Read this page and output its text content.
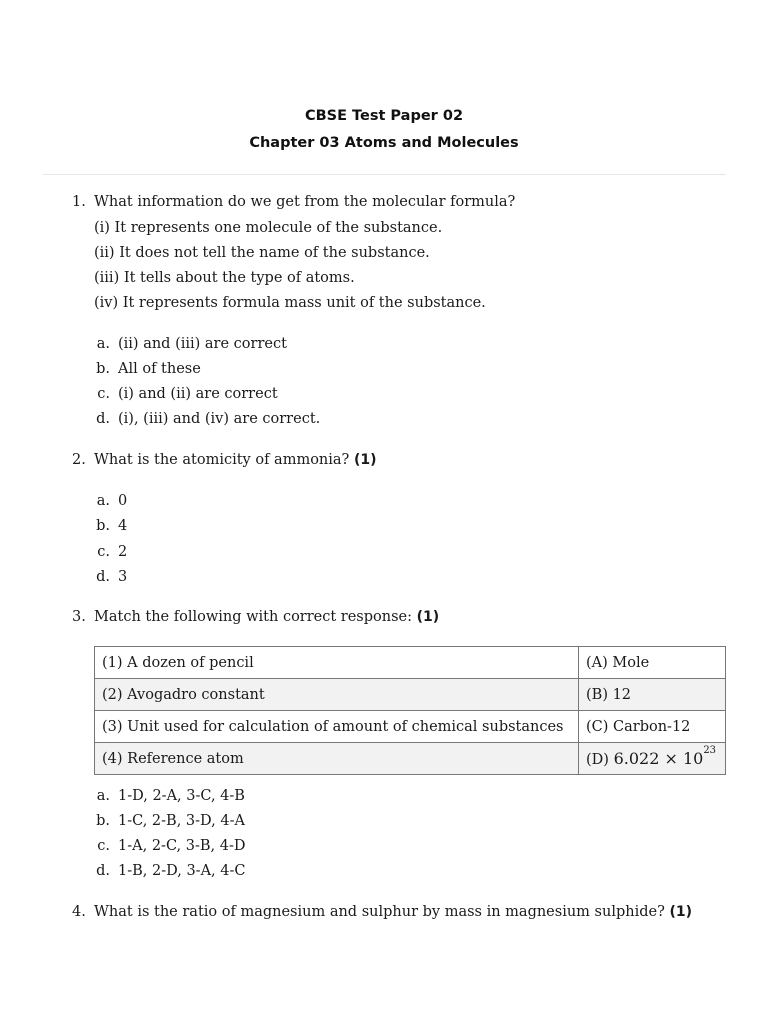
CBSE Test Paper 02
Chapter 03 Atoms and Molecules
1. What information do we get from the molecular formula?
(i) It represents one molecule of the substance.
(ii) It does not tell the name of the substance.
(iii) It tells about the type of atoms.
(iv) It represents formula mass unit of the substance.
a. (ii) and (iii) are correct
b. All of these
c. (i) and (ii) are correct
d. (i), (iii) and (iv) are correct.
2. What is the atomicity of ammonia? (1)
a. 0
b. 4
c. 2
d. 3
3. Match the following with correct response: (1)
(1) A dozen of pencil	(A) Mole
(2) Avogadro constant	(B) 12
(3) Unit used for calculation of amount of chemical substances	(C) Carbon-12
(4) Reference atom	(D) $6.022 \times 10^{23}$
a. 1-D, 2-A, 3-C, 4-B
b. 1-C, 2-B, 3-D, 4-A
c. 1-A, 2-C, 3-B, 4-D
d. 1-B, 2-D, 3-A, 4-C
4. What is the ratio of magnesium and sulphur by mass in magnesium sulphide? (1)
